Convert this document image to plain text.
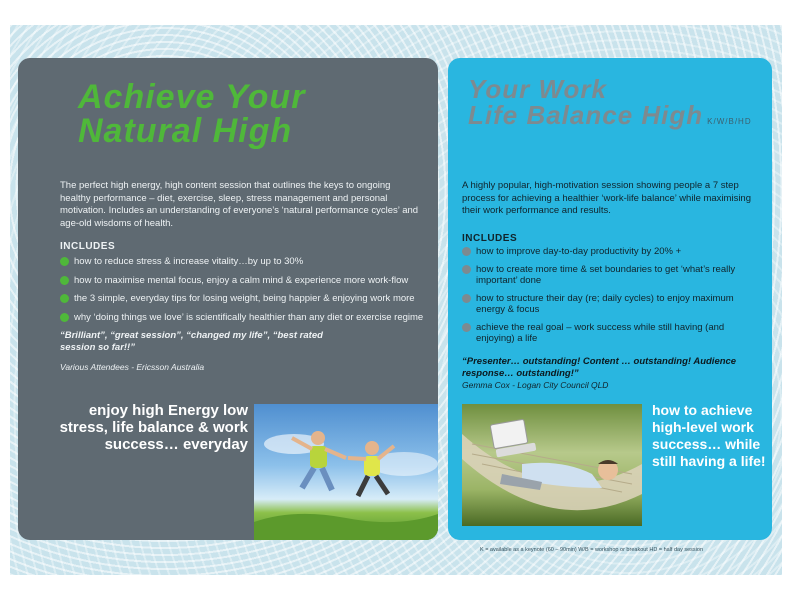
Achieve Your
Natural High
The perfect high energy, high content session that outlines the keys to ongoing healthy performance – diet, exercise, sleep, stress management and personal motivation. Includes an understanding of everyone’s ‘natural performance cycles’ and age-old wisdoms of health.
INCLUDES
how to reduce stress & increase vitality…by up to 30%
how to maximise mental focus, enjoy a calm mind & experience more work-flow
the 3 simple, everyday tips for losing weight, being happier & enjoying work more
why ‘doing things we love’ is scientifically healthier than any diet or exercise regime
“Brilliant”, “great session”, “changed my life”, “best rated session so far!!”
Various Attendees - Ericsson Australia
enjoy high Energy low stress, life balance & work success… everyday
Your Work
Life Balance High K/W/B/HD
A highly popular, high-motivation session showing people a 7 step process for achieving a healthier ‘work-life balance’ while maximising their work performance and results.
INCLUDES
how to improve day-to-day productivity by 20% +
how to create more time & set boundaries to get ‘what’s really important’ done
how to structure their day (re; daily cycles) to enjoy maximum energy & focus
achieve the real goal – work success while still having (and enjoying) a life
“Presenter… outstanding! Content … outstanding! Audience response… outstanding!”
Gemma Cox - Logan City Council QLD
how to achieve high-level work success… while still having a life!
K = available as a keynote (60 – 90min) W/B = workshop or breakout HD = half day session
